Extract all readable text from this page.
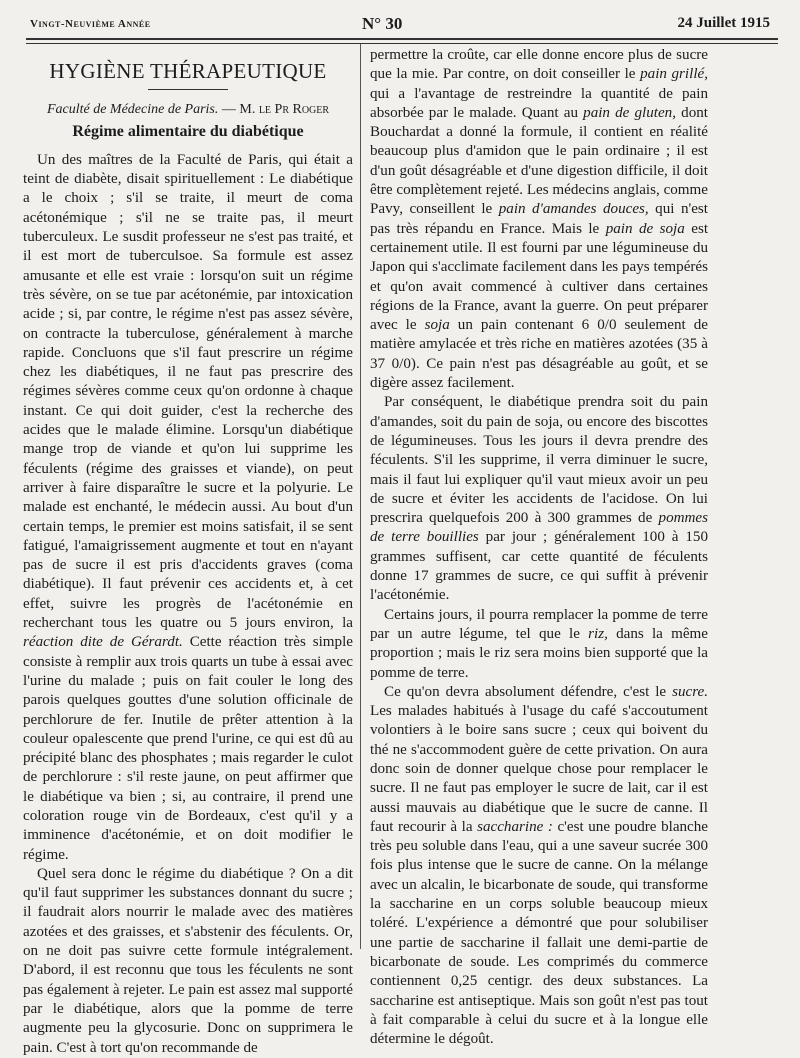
Vingt-Neuvième Année	N° 30	24 Juillet 1915
HYGIÈNE THÉRAPEUTIQUE
Faculté de Médecine de Paris. — M. le Pr Roger
Régime alimentaire du diabétique

Un des maîtres de la Faculté de Paris, qui était a teint de diabète, disait spirituellement : Le diabétique a le choix ; s'il se traite, il meurt de coma acétonémique ; s'il ne se traite pas, il meurt tuberculeux. Le susdit professeur ne s'est pas traité, et il est mort de tuberculsoe. Sa formule est assez amusante et elle est vraie : lorsqu'on suit un régime très sévère, on se tue par acétonémie, par intoxication acide ; si, par contre, le régime n'est pas assez sévère, on contracte la tuberculose, généralement à marche rapide. Concluons que s'il faut prescrire un régime chez les diabétiques, il ne faut pas prescrire des régimes sévères comme ceux qu'on ordonne à chaque instant. Ce qui doit guider, c'est la recherche des acides que le malade élimine. Lorsqu'un diabétique mange trop de viande et qu'on lui supprime les féculents (régime des graisses et viande), on peut arriver à faire disparaître le sucre et la polyurie. Le malade est enchanté, le médecin aussi. Au bout d'un certain temps, le premier est moins satisfait, il se sent fatigué, l'amaigrissement augmente et tout en n'ayant pas de sucre il est pris d'accidents graves (coma diabétique). Il faut prévenir ces accidents et, à cet effet, suivre les progrès de l'acétonémie en recherchant tous les quatre ou 5 jours environ, la réaction dite de Gérardt. Cette réaction très simple consiste à remplir aux trois quarts un tube à essai avec l'urine du malade ; puis on fait couler le long des parois quelques gouttes d'une solution officinale de perchlorure de fer. Inutile de prêter attention à la couleur opalescente que prend l'urine, ce qui est dû au précipité blanc des phosphates ; mais regarder le culot de perchlorure : s'il reste jaune, on peut affirmer que le diabétique va bien ; si, au contraire, il prend une coloration rouge vin de Bordeaux, c'est qu'il y a imminence d'acétonémie, et on doit modifier le régime.

Quel sera donc le régime du diabétique ? On a dit qu'il faut supprimer les substances donnant du sucre ; il faudrait alors nourrir le malade avec des matières azotées et des graisses, et s'abstenir des féculents. Or, on ne doit pas suivre cette formule intégralement. D'abord, il est reconnu que tous les féculents ne sont pas également à rejeter. Le pain est assez mal supporté par le diabétique, alors que la pomme de terre augmente peu la glycosurie. Donc on supprimera le pain. C'est à tort qu'on recommande de

permettre la croûte, car elle donne encore plus de sucre que la mie. Par contre, on doit conseiller le pain grillé, qui a l'avantage de restreindre la quantité de pain absorbée par le malade. Quant au pain de gluten, dont Bouchardat a donné la formule, il contient en réalité beaucoup plus d'amidon que le pain ordinaire ; il est d'un goût désagréable et d'une digestion difficile, il doit être complètement rejeté. Les médecins anglais, comme Pavy, conseillent le pain d'amandes douces, qui n'est pas très répandu en France. Mais le pain de soja est certainement utile. Il est fourni par une légumineuse du Japon qui s'acclimate facilement dans les pays tempérés et qu'on avait commencé à cultiver dans certaines régions de la France, avant la guerre. On peut préparer avec le soja un pain contenant 6 0/0 seulement de matière amylacée et très riche en matières azotées (35 à 37 0/0). Ce pain n'est pas désagréable au goût, et se digère assez facilement.

Par conséquent, le diabétique prendra soit du pain d'amandes, soit du pain de soja, ou encore des biscottes de légumineuses. Tous les jours il devra prendre des féculents. S'il les supprime, il verra diminuer le sucre, mais il faut lui expliquer qu'il vaut mieux avoir un peu de sucre et éviter les accidents de l'acidose. On lui prescrira quelquefois 200 à 300 grammes de pommes de terre bouillies par jour ; généralement 100 à 150 grammes suffisent, car cette quantité de féculents donne 17 grammes de sucre, ce qui suffit à prévenir l'acétonémie.

Certains jours, il pourra remplacer la pomme de terre par un autre légume, tel que le riz, dans la même proportion ; mais le riz sera moins bien supporté que la pomme de terre.

Ce qu'on devra absolument défendre, c'est le sucre. Les malades habitués à l'usage du café s'accoutument volontiers à le boire sans sucre ; ceux qui boivent du thé ne s'accommodent guère de cette privation. On aura donc soin de donner quelque chose pour remplacer le sucre. Il ne faut pas employer le sucre de lait, car il est aussi mauvais au diabétique que le sucre de canne. Il faut recourir à la saccharine : c'est une poudre blanche très peu soluble dans l'eau, qui a une saveur sucrée 300 fois plus intense que le sucre de canne. On la mélange avec un alcalin, le bicarbonate de soude, qui transforme la saccharine en un corps soluble beaucoup mieux toléré. L'expérience a démontré que pour solubiliser une partie de saccharine il fallait une demi-partie de bicarbonate de soude. Les comprimés du commerce contiennent 0,25 centigr. des deux substances. La saccharine est antiseptique. Mais son goût n'est pas tout à fait comparable à celui du sucre et à la longue elle détermine le dégoût.
